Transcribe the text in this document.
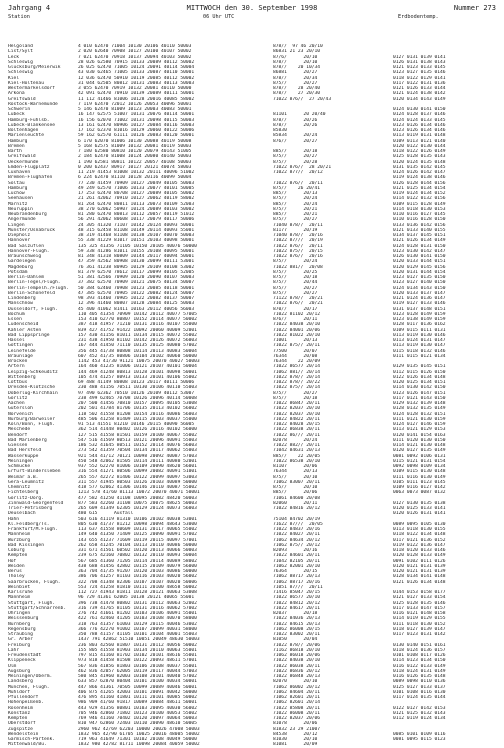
Jahrgang 4	MITTWOCH den 30. September 1998	Nummer 273

Station

	06 Uhr UTC

	Erdbodentemp.

Helgoland	4 010 62470 71004 10130 20106 40110 50003	878//  97 46 20/10
List/Sylt	2 020 62640 70908 10127 20100 40107 50002	86831 21 23 20/10
Leck	7 021 62470 70918 10137 20094 40103 50002	87/6/      20/10	0127 0131 0139 0141
Schleswig	28 026 62580 70915 10133 20089 40112 50002	878//      20/10	0126 0131 0138 0143
Glücksburg/Meierwik	26 025 62470 71005 10124 20091 40114 50004	878//    20 10/34	0121 0123 0133 0145
Schleswig	43 030 62465 71005 10133 20087 40110 50001	86881      20/27	0123 0127 0135 0146
Kiel	12 036 62470 50910 10119 20085 40112 50002	878//      20/34	0118 0122 0129 0141
Kiel-Holtenau	31 044 62505 80812 10131 20083 40113 50003	875//      20/27	0117 0122 0131 0136
Westermarkelsdorf	3 055 62470 70919 10132 20081 40110 50000	878//    28 20/40	0121 0126 0133 0144
Arkona	42 091 62470 70910 10139 20089 40111 50001	878//    27 20/30	0121 0124 0138 0142
Greifswald	11 112 41466 81006 10128 20016 40085 58002	71022 876//  27 20/43	0120 0134 0143 0149
Rostock-Warnemünde	7 119 62470 72012 10126 20053 40096 50001
Schwerin	5 146 62470 81009 10123 20003 40083 50001	0124 0130 0141 0150
Lübeck	16 147 62575 51007 10131 20076 40114 50001	81101      20 20/40	0124 0128 0137 0146
Hamburg-Fuhlsb.	16 156 62070 71002 10131 20098 40115 50003	878//      20/26	0124 0124 0133 0145
Lübeck-Blankensee	13 161 62470 80906 10127 20084 40116 50003	878//      20/26	0123 0126 0134 0146
Boltenhagen	17 162 62370 81016 10129 20060 40122 50006	85830	0123 0126 0134 0146
Marienleuchte	59 162 62570 61111 10126 20083 40120 50001	85834      20/24	0113 0119 0131 0148
Hamburg	6 170 62070 81006 10130 20088 40119 50008	876//      20/27	0109 0113 0121 0140
Bremen	5 168 62575 81009 10132 20081 40119 50003	0120 0122 0130 0144
Barth	7 180 62580 80810 10120 20079 40143 51005	885//      20/18	0118 0122 0126 0149
Greifswald	2 184 62470 81008 10124 20080 40140 50003	875//      20/27	0125 0128 0135 0143
Ueckermünde	1 190 62581 80811 10122 20057 40108 50003	875//      20/28	0120 0124 0135 0148
Emden-Flugplatz	0 200 62437 80917 10127 20121 40074 58003	71022 876//  28 20/21	0131 0135 0142 0145
Cuxhaven	11 219 41453 81008 10132 20111 40096 51002	71022 877//  20/12	0124 0126 0142 0147
Bremen-Flughafen	6 224 62470 81110 10128 20116 40099 50004	0119 0124 0138 0146
Soltau	77 230 41459 70909 10127 20049 40105 50003	71022 876//  20/11	0126 0128 0144 0156
Hamburg	49 249 62570 71006 10133 20077 40101 50005	875//    26 20/41	0121 0125 0134 0154
Lüchow	17 253 62470 80708 10127 20089 40105 50002	885//      20/13	0119 0124 0134 0152
Seehausen	21 261 42062 70910 10127 20062 40119 58002	875//      20/24	0114 0122 0132 0156
Marnitz	81 264 62470 80811 10113 20073 40109 52003	885//      20/24	0109 0115 0128 0149
Neuruppin	38 270 62062 50907 10124 20089 40103 50002	875//      20/21	0114 0118 0130 0153
Neubrandenburg	81 280 62470 80813 10112 20057 40119 51012	885//      20/21	0110 0116 0127 0145
Angermünde	56 291 42062 80608 10117 20079 40117 50006	875//      20/27	0110 0116 0128 0150
Lingen	24 305 41320 71107 10142 20124 40093 50001	71040 878//  20/11	0133 0136 0142 0156
Münster/Osnabrück	48 315 62458 81108 10149 20114 40093 55001	81177      20/19	0121 0133 0140 0155
Diepholz	38 319 41468 81108 10138 20107 40070 50003	71040 878//  20/16	0134 0137 0145 0151
Hannover	55 338 41229 81017 10151 20103 40098 50001	71022 87///  20/19	0121 0126 0134 0149
Bad Salzuflen	135 325 41356 71105 10150 20105 40076 50000	71022 876//  20/11	0124 0128 0131 0150
Hannover-Flugh.	59 338 41286 81011 10155 20108 40095 50001	71022 875//  20/15	0123 0130 0142 0147
Braunschweig	81 348 41318 80809 10144 20117 40094 50001	71022 876//  20/16	0126 0130 0141 0150
Gardelegen	47 359 42562 80908 10130 20099 40111 53001	875//      20/24	0120 0133 0144 0151
Magdeburg	76 361 41238 80905 10129 20109 40108 53002	71022 881//  20/08	0120 0129 0145 0156
Potsdam	81 379 62570 78612 10117 20099 40105 52005	875//      20/25	0120 0131 0144 0154
Berlin-Dahlem	51 381 42566 70909 10120 20090 40107 50003	875//      20/18	0123 0127 0135 0150
Berlin-Tegel/Flugh.	37 382 62570 70909 10121 20075 40134 50007	875//      20/44	0123 0127 0140 0150
Berlin-Tempelh./Flugh.	50 384 62460 70908 10123 20085 40118 50001	875//      20/27	0124 0134 0143 0150
Berlin-Schönefeld	47 385 62570 70905 10122 20082 40124 50007	875//      20/27	0120 0133 0137 0147
Lindenberg	98 393 41460 70905 10122 20082 40137 50007	71122 878//  20/21	0121 0124 0136 0147
Manschnow	12 396 41460 80807 10128 20084 40125 50003	71022 876//  20/21	0119 0127 0133 0146
Düsseldorf, Flugh.	45 400 41062 81411 10163 20112 40056 56003	870//      20/17	0131 0137 0148 0151
Bochum	110 405 41354 70909 10142 20112 40077 57005	71022 81102 20/12	0123 0128 0149 0159
Essen	153 410 62770 80807 10152 20114 40077 50002	876//      20/11	0123 0138 0149 0159
Lüdenscheid	387 418 41957 71210 10131 20116 40107 55000	71022 84038 20/10	0128 0117 0136 0162
Kahler Asten	839 427 41752 91422 10092 20060 40009 52001	71022 84001 20/06	0109 0115 0111 0131
Bad Lippspringe	157 430 41156 81011 10134 20115 40072 55002	71022 81022 20/10	0113 0119 0130 0146
Hassel	231 438 41950 81102 10142 20126 40072 56003	71001      20/13	0113 0124 0131 0147
Göttingen	167 444 41450 71110 10135 20125 40080 57002	71022 875// 20/11	0113 0119 0130 0147
Leinefelde	356 445 41/38 80808 10114 20113 40083 50004	77500      20/07	0115 0118 0132 0146
Braunlage	607 452 41/35 80806 10104 20102 40060 50000	76344      20/08	0111 0115 0121 0134
Brocken	1142 453 41/30 91121 10075 20070 40027 50003	76344    22 20/09
Artern	164 460 41235 81006 10121 20107 40101 50004	71022 86577 20/14	0129 0135 0145 0151
Leipzig-Schkeuditz	144 469 41248 80813 10128 20101 40098 50001	71062 881// 20/14	0112 0115 0126 0150
Wittenberg	105 474 41257 80913 10133 20101 40106 55002	71022 878// 20/14	0122 0126 0134 0148
Cottbus	69 488 41149 80808 10123 20117 40111 50006	71022 878// 20/22	0120 0125 0134 0151
Dresden-Klotzsche	230 488 41156 70511 10130 20106 40110 55003	71022 875// 20/14	0114 0130 0142 0150
Doberlug-Kirchhain	97 490 62362 70510 10126 20109 40112 53007	875//      20/27	0123 0126 0147 0151
Görlitz	238 499 62465 70708 10126 20096 40114 50008	875//      20/18	0117 0121 0143 0150
Aachen	207 500 41456 70810 10157 20095 40105 53008	71022 86847 20/11	0129 0132 0139 0148
Gütersloh	202 501 41784 81706 10135 20113 40102 56002	71022 82037 20/10	0128 0132 0135 0149
Nörvenich	118 502 41558 81208 10154 20116 40086 56003	71022 82037 20/10	0124 0128 0132 0151
Nürburg/Barweiler	485 506 41258 81409 10115 20103 40037 55000	71022 84822 20/11	0111 0121 0130 0159
Köln/Bonn, Flugh.	91 513 41551 81210 10146 20115 40090 56005	71022 84028 20/15	0124 0127 0146 0159
Meschede	362 514 41448 80402 10126 20116 40102 56000	71022 86838 20/11	0113 0121 0129 0153
Bendorf	127 515 41558 81501 10159 20100 40067 55002	71022 86/// 20/11	0120 0141 0154 0163
Bad Marienberg	547 516 41569 80513 10121 20096 40091 55003	82078      20/24	0111 0120 0130 0150
Giessen	186 532 41645 80511 10152 20114 40076 56003	71022 882// 20/11	0114 0121 0130 0148
Bad Hersfeld	273 542 41359 70504 10134 20117 40062 55003	71042 84631 20/13	0120 0127 0135 0149
Wasserkuppe	921 544 41/12 70121 10098 20092 40087 57003	885//    22 20/05	0081 0092 0106 0131
Meiningen	450 548 42062 81505 10114 20111 40080 52001	71022 86538 20/10	0115 0121 0131 0154
Schmücke	937 552 62270 81006 10109 20090 48620 56001	81107      20/06	0092 0098 0109 0134
Erfurt-Bindersleben	316 554 41271 80506 10099 20082 40091 51001	76344      20/13	0109 0115 0130 0148
Weimar a.B.	265 557 42272 81406 10122 20099 40097 53003	875//      20/10	0111 0116 0130 0149
Gera-Leumnitz	311 557 41945 80503 10126 20103 40089 50000	71062 83007 20/11	0105 0111 0123 0145
Chemnitz	418 577 62062 41306 10146 20110 40087 55002	875//      20/10	0109 0116 0127 0142
Fichtelberg	1213 578 41/60 81113 10072 20070 40071 50001	885//      20/06	0063 0073 0087 0132
Görlitz-Dorg.	477 582 41250 41108 10095 20082 48420 50003	71061 84600 20/08
Zinnwald-Georgenfeld	877 583 42260 31108 10075 20075 48625 50003	82060      20/11	0127 0130 0135 0138
Trier-Petrisberg	265 609 41349 62305 10129 20124 40073 56003	71022 84816 20/12	0120 0125 0133 0141
Deuselbach	480 615      Ausfall	0120 0126 0131 0141
Hahn	503 616 41119 81310 10106 20102 40038 53001	75104 84702 20/19
Kl.Feldberg/Ts.	805 630 41/37 81212 10098 20094 48643 53000	71622 87///  20/05	0089 0095 0105 0130
Frankfurt/M.Flugh.	113 637 41558 80609 10131 20117 40065 55002	71022 84837 20/16	0113 0118 0130 0155
Mannheim	149 640 41350 71409 10125 20090 40091 57002	71022 84027 20/11	0118 0122 0134 0148
Würzburg	143 655 41237 71609 10119 20115 40097 57001	71062 84634 20/12	0117 0121 0136 0152
Bad Kissingen	262 658 41245 70104 10113 20110 40086 50000	71062 875// 20/12	0119 0122 0136 0147
Coburg	331 671 41561 60502 10120 20113 40066 50003	82093      20/16	0118 0120 0133 0146
Kempten	239 675 42160 70802 10132 20110 40093 50004	71022 84601 20/11	0120 0128 0133 0149
Hof	567 685 41360 71205 10114 20114 40089 58002	71042 82105 20/11	0091 0102 0111 0126
Weiden	438 688 41456 42802 10115 20109 40079 56000	71062 82001 20/10	0120 0121 0131 0139
Berus	363 704 41/35 91207 10120 20103 40086 50000	76364      20/15	0120 0121 0131 0139
Tholey	386 706 41257 81103 10116 20103 40020 56002	71062 88717 20/13	0128 0134 0141 0148
Saarbrücken, Flugh.	322 708 41348 82306 10107 20107 40020 50006	71062 88717 20/16	0121 0126 0134 0148
Weinbiet	553 724 41258 81810 10111 20100 48658 50002	71051 87///  20/11
Karlsruhe	112 727 41943 81811 10128 20121 40063 53008	71416 85047 20/15	0144 0153 0158 0177
Mannheim	96 729 41361 62005 10138 20121 40065 55001	71022 86577 20/10	0121 0127 0133 0154
Stuttgart, Flugh.	396 738 41478 80802 10131 20112 40063 52002	71022 84812 20/12	0125 0128 0135 0146
Stuttgart/Schnarrenb.	316 739 41765 81105 10131 20116 40062 57002	71022 84617 20/11	0117 0133 0147 0157
Öhringen	276 742 41661 81202 10103 20106 40091 55001	82037      20/18	0116 0121 0148 0158
Weissenburg	422 761 42460 41205 10103 20108 40070 58000	71022 84036 20/13	0114 0119 0129 0155
Nürnberg	318 763 41357 61003 10129 20115 40046 53002	71022 84615 20/13	0111 0118 0130 0152
Regensburg	366 776 42270 91002 10107 20099 40031 58000	71062 86008 20/15	0118 0127 0139 0147
Straubing	350 788 41157 41105 10101 20104 40001 55003	71022 83002 20/11	0117 0123 0131 0142
Gr. Arber	1437 791 42862 51510 10051 20049 48630 50003	81050      20/04
Freiburg	236 803 42560 81807 10131 20112 40056 50002	71022 878// 20/06	0130 0140 0151 0161
Lahr	155 805 41558 81903 10134 20110 40063 55001	71162 86818 20/10	0118 0124 0136 0157
Freudenstadt	797 815 41160 81702 10102 20101 48616 55001	71062 86018 20/06	0101 0108 0117 0126
Klippeneck	973 818 41458 81508 10122 20093 48611 57001	71022 84038 20/10	0114 0123 0134 0150
Ulm	567 836 41856 81803 10106 20108 40037 55001	71022 86038 20/11	0116 0122 0133 0149
Augsburg	462 836 42057 62005 10119 20117 40044 57003	71022 86836 20/12	0118 0124 0131 0149
Meiningen/Oberm.	580 845 41960 82003 10108 20101 40040 57002	71022 86848 20/13	0116 0126 0135 0148
Landsberg	633 857 62870 80404 10101 20100 40034 50001	82070      20/10	0089 0098 0110 0136
München, Flugh.	447 866 41361 70505 10099 20089 40046 50001	71062 86002 20/12	0125 0127 0133 0137
Mühldorf	406 875 41265 42003 10101 20091 40042 50000	71062 84604 20/11	0101 0108 0116 0130
Pfullendorf	476 895 41160 41801 10111 20101 40085 50002	71062 82601 20/11	0117 0124 0135 0144
Hohenpeißenb.	986 909 41/60 91817 10089 20084 48611 50001	71062 82601 20/14
Rosenheim	443 929 41356 80801 10103 20095 40030 56002	71022 85808 20/11	0122 0127 0142 0153
Konstanz	705 946 42860 71802 10123 20100 40053 55002	71022 86008 20/11	0121 0125 0132 0143
Kempten	769 946 41160 70402 10120 20097 40064 50003	71022 82037 20/06	0112 0119 0124 0134
Oberstdorf	810 947 62860 72403 10110 20090 48610 50005	81078      20/06
Zugspitze	2960 962 42/69 62203 10000 20026 47008 50003	81832 23 29 21007
Wendelstein	1832 965 42/90 61705 10025 20016 48005 50002	84538      20/12	0085 0101 0109 0116
Garmisch-Partenk.	719 963 41649 71301 10102 20108 40049 50000	81030      20/10	0081 0095 0115 0123
Mittenwald/Bu.	1832 980 42782 81711 10098 20084 40059 50002	81081      20/09
